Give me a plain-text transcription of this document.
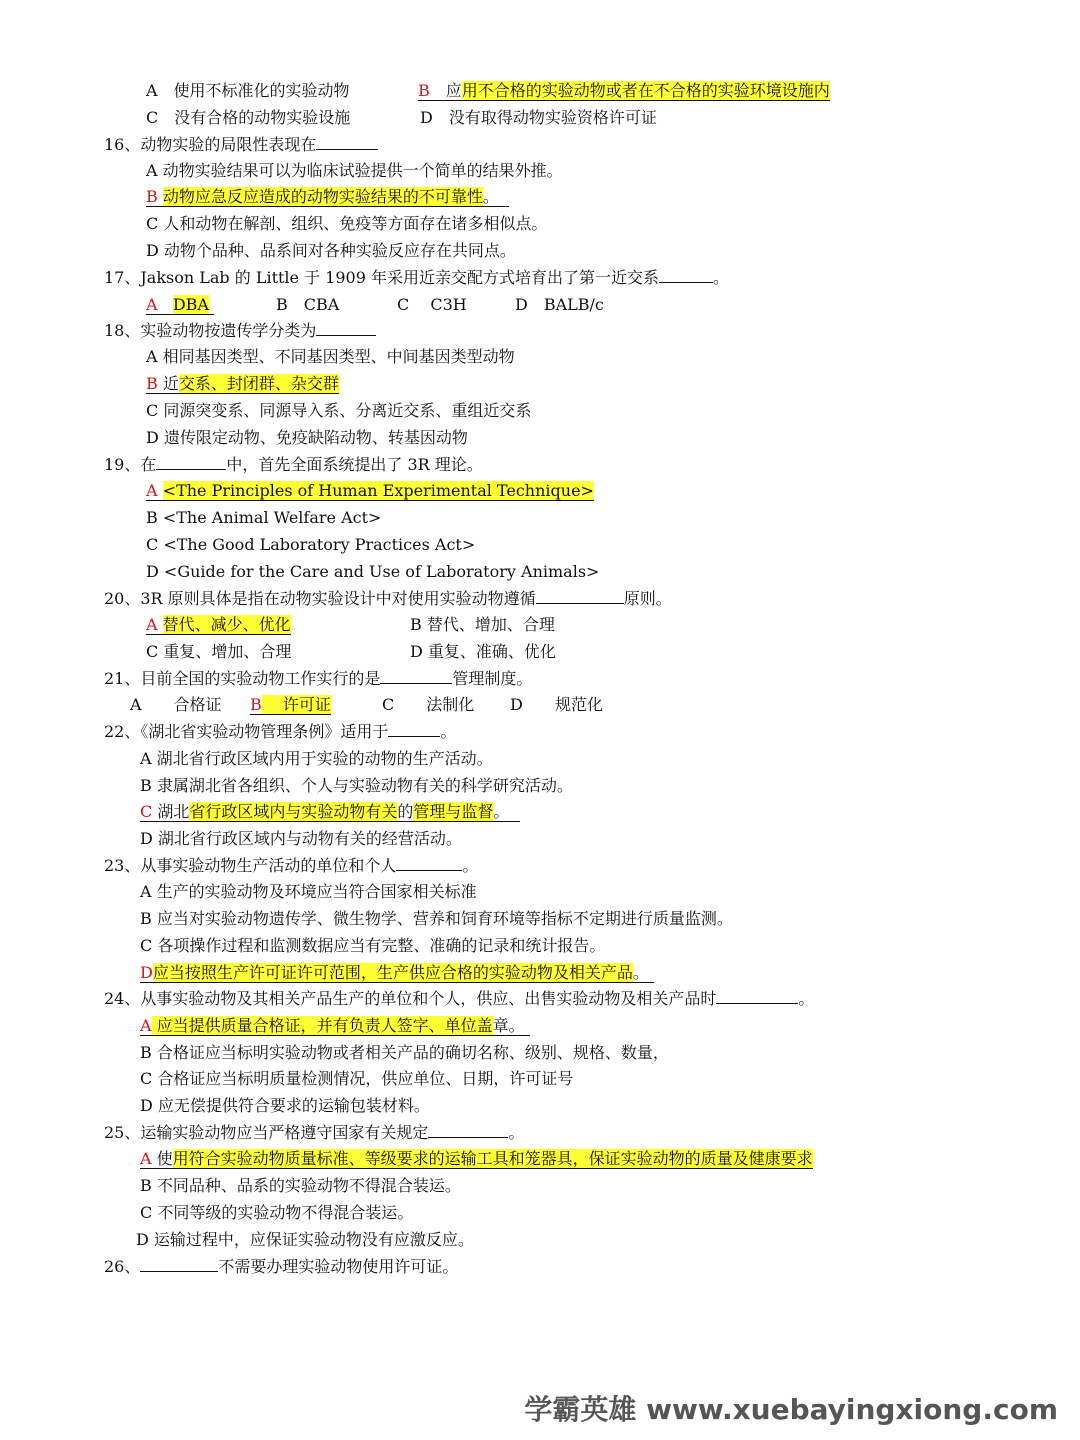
A　使用不标准化的实验动物	B　应用不合格的实验动物或者在不合格的实验环境设施内
C　没有合格的动物实验设施	D　没有取得动物实验资格许可证
16、动物实验的局限性表现在
A 动物实验结果可以为临床试验提供一个简单的结果外推。
B 动物应急反应造成的动物实验结果的不可靠性。
C 人和动物在解剖、组织、免疫等方面存在诸多相似点。
D 动物个品种、品系间对各种实验反应存在共同点。
17、Jakson Lab 的 Little 于 1909 年采用近亲交配方式培育出了第一近交系	。
A DBA	B　CBA	C　 C3H	D　BALB/c
18、实验动物按遗传学分类为
A 相同基因类型、不同基因类型、中间基因类型动物
B 近交系、封闭群、杂交群
C 同源突变系、同源导入系、分离近交系、重组近交系
D 遗传限定动物、免疫缺陷动物、转基因动物
19、在	中，首先全面系统提出了 3R 理论。
A <The Principles of Human Experimental Technique>
B <The Animal Welfare Act>
C <The Good Laboratory Practices Act>
D <Guide for the Care and Use of Laboratory Animals>
20、3R 原则具体是指在动物实验设计中对使用实验动物遵循	原则。
A 替代、减少、优化	B 替代、增加、合理
C 重复、增加、合理	D 重复、准确、优化
21、目前全国的实验动物工作实行的是	管理制度。
A　　合格证 B　 许可证	C　　法制化 D　　规范化
22、《湖北省实验动物管理条例》适用于	。
A 湖北省行政区域内用于实验的动物的生产活动。
B 隶属湖北省各组织、个人与实验动物有关的科学研究活动。
C 湖北省行政区域内与实验动物有关的管理与监督。
D 湖北省行政区域内与动物有关的经营活动。
23、从事实验动物生产活动的单位和个人	。
A 生产的实验动物及环境应当符合国家相关标准
B 应当对实验动物遗传学、微生物学、营养和饲育环境等指标不定期进行质量监测。
C 各项操作过程和监测数据应当有完整、准确的记录和统计报告。
D应当按照生产许可证许可范围，生产供应合格的实验动物及相关产品。
24、从事实验动物及其相关产品生产的单位和个人，供应、出售实验动物及相关产品时	。
A 应当提供质量合格证，并有负责人签字、单位盖章。
B 合格证应当标明实验动物或者相关产品的确切名称、级别、规格、数量，
C 合格证应当标明质量检测情况，供应单位、日期，许可证号
D 应无偿提供符合要求的运输包装材料。
25、运输实验动物应当严格遵守国家有关规定	。
A 使用符合实验动物质量标准、等级要求的运输工具和笼器具，保证实验动物的质量及健康要求
B 不同品种、品系的实验动物不得混合装运。
C 不同等级的实验动物不得混合装运。
D 运输过程中，应保证实验动物没有应激反应。
26、	不需要办理实验动物使用许可证。
学霸英雄 www.xuebayingxiong.com
